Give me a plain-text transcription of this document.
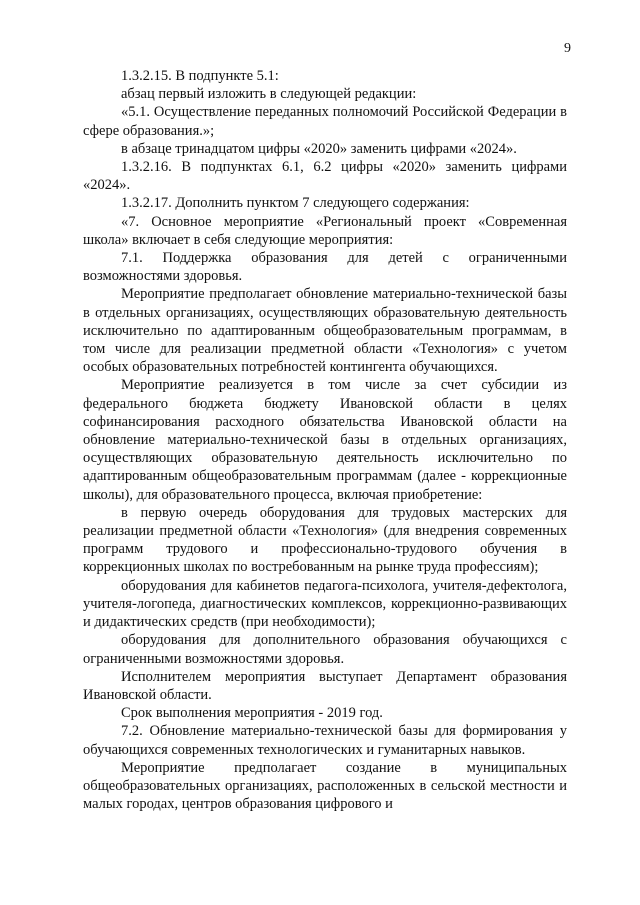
9

1.3.2.15. В подпункте 5.1:

абзац первый изложить в следующей редакции:

«5.1. Осуществление переданных полномочий Российской Федерации в сфере образования.»;

в абзаце тринадцатом цифры «2020» заменить цифрами «2024».

1.3.2.16. В подпунктах 6.1, 6.2 цифры «2020» заменить цифрами «2024».

1.3.2.17. Дополнить пунктом 7 следующего содержания:

«7. Основное мероприятие «Региональный проект «Современная школа» включает в себя следующие мероприятия:

7.1. Поддержка образования для детей с ограниченными возможностями здоровья.

Мероприятие предполагает обновление материально-технической базы в отдельных организациях, осуществляющих образовательную деятельность исключительно по адаптированным общеобразовательным программам, в том числе для реализации предметной области «Технология» с учетом особых образовательных потребностей контингента обучающихся.

Мероприятие реализуется в том числе за счет субсидии из федерального бюджета бюджету Ивановской области в целях софинансирования расходного обязательства Ивановской области на обновление материально-технической базы в отдельных организациях, осуществляющих образовательную деятельность исключительно по адаптированным общеобразовательным программам (далее - коррекционные школы), для образовательного процесса, включая приобретение:

в первую очередь оборудования для трудовых мастерских для реализации предметной области «Технология» (для внедрения современных программ трудового и профессионально-трудового обучения в коррекционных школах по востребованным на рынке труда профессиям);

оборудования для кабинетов педагога-психолога, учителя-дефектолога, учителя-логопеда, диагностических комплексов, коррекционно-развивающих и дидактических средств (при необходимости);

оборудования для дополнительного образования обучающихся с ограниченными возможностями здоровья.

Исполнителем мероприятия выступает Департамент образования Ивановской области.

Срок выполнения мероприятия - 2019 год.

7.2. Обновление материально-технической базы для формирования у обучающихся современных технологических и гуманитарных навыков.

Мероприятие предполагает создание в муниципальных общеобразовательных организациях, расположенных в сельской местности и малых городах, центров образования цифрового и
